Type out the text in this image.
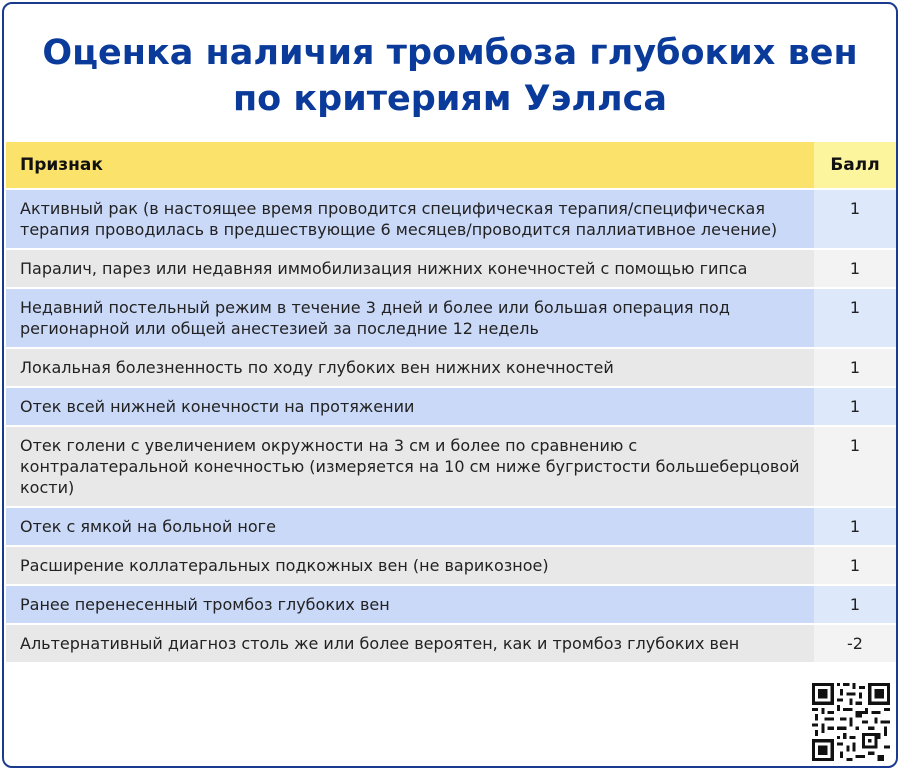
Оценка наличия тромбоза глубоких вен
по критериям Уэллса
Признак	Балл
Активный рак (в настоящее время проводится специфическая терапия/специфическая терапия проводилась в предшествующие 6 месяцев/проводится паллиативное лечение)	1
Паралич, парез или недавняя иммобилизация нижних конечностей с помощью гипса	1
Недавний постельный режим в течение 3 дней и более или большая операция под регионарной или общей анестезией за последние 12 недель	1
Локальная болезненность по ходу глубоких вен нижних конечностей	1
Отек всей нижней конечности на протяжении	1
Отек голени с увеличением окружности на 3 см и более по сравнению с контралатеральной конечностью (измеряется на 10 см ниже бугристости большеберцовой кости)	1
Отек с ямкой на больной ноге	1
Расширение коллатеральных подкожных вен (не варикозное)	1
Ранее перенесенный тромбоз глубоких вен	1
Альтернативный диагноз столь же или более вероятен, как и тромбоз глубоких вен	-2
